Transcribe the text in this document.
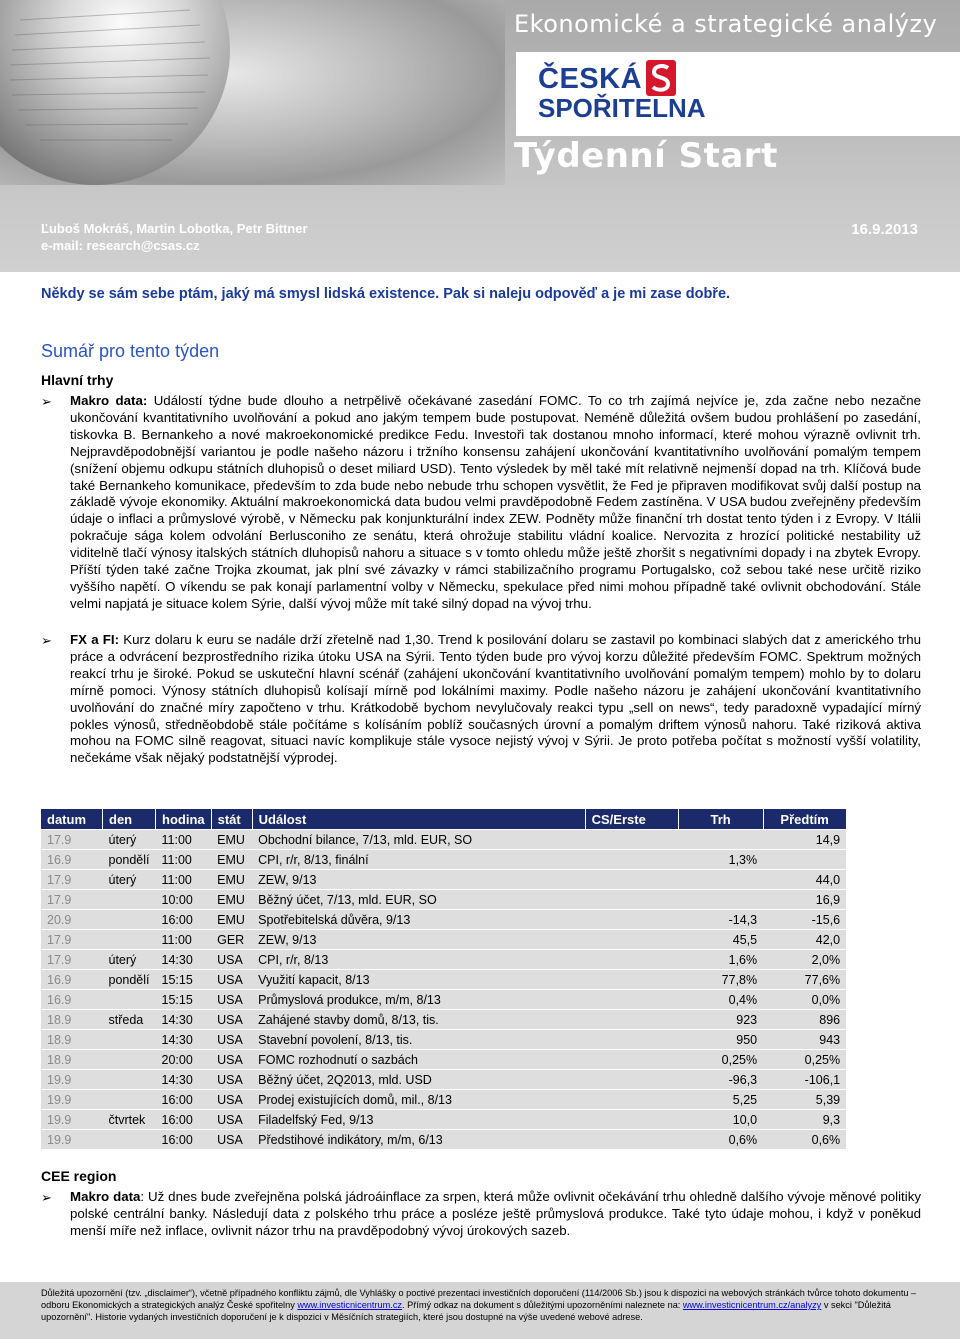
Ekonomické a strategické analýzy
ČESKÁ
SPOŘITELNA
Týdenní Start
Ľuboš Mokráš, Martin Lobotka, Petr Bittner
e-mail: research@csas.cz
16.9.2013
Někdy se sám sebe ptám, jaký má smysl lidská existence. Pak si naleju odpověď a je mi zase dobře.
Sumář pro tento týden
Hlavní trhy
➢	Makro data: Událostí týdne bude dlouho a netrpělivě očekávané zasedání FOMC. To co trh zajímá nejvíce je, zda začne nebo nezačne ukončování kvantitativního uvolňování a pokud ano jakým tempem bude postupovat. Neméně důležitá ovšem budou prohlášení po zasedání, tiskovka B. Bernankeho a nové makroekonomické predikce Fedu. Investoři tak dostanou mnoho informací, které mohou výrazně ovlivnit trh. Nejpravděpodobnější variantou je podle našeho názoru i tržního konsensu zahájení ukončování kvantitativního uvolňování pomalým tempem (snížení objemu odkupu státních dluhopisů o deset miliard USD). Tento výsledek by měl také mít relativně nejmenší dopad na trh. Klíčová bude také Bernankeho komunikace, především to zda bude nebo nebude trhu schopen vysvětlit, že Fed je připraven modifikovat svůj další postup na základě vývoje ekonomiky. Aktuální makroekonomická data budou velmi pravděpodobně Fedem zastíněna. V USA budou zveřejněny především údaje o inflaci a průmyslové výrobě, v Německu pak konjunkturální index ZEW. Podněty může finanční trh dostat tento týden i z Evropy. V Itálii pokračuje sága kolem odvolání Berlusconiho ze senátu, která ohrožuje stabilitu vládní koalice. Nervozita z hrozící politické nestability už viditelně tlačí výnosy italských státních dluhopisů nahoru a situace s v tomto ohledu může ještě zhoršit s negativními dopady i na zbytek Evropy. Příští týden také začne Trojka zkoumat, jak plní své závazky v rámci stabilizačního programu Portugalsko, což sebou také nese určitě riziko vyššího napětí. O víkendu se pak konají parlamentní volby v Německu, spekulace před nimi mohou případně také ovlivnit obchodování. Stále velmi napjatá je situace kolem Sýrie, další vývoj může mít také silný dopad na vývoj trhu.
➢	FX a FI: Kurz dolaru k euru se nadále drží zřetelně nad 1,30. Trend k posilování dolaru se zastavil po kombinaci slabých dat z amerického trhu práce a odvrácení bezprostředního rizika útoku USA na Sýrii. Tento týden bude pro vývoj korzu důležité především FOMC. Spektrum možných reakcí trhu je široké. Pokud se uskuteční hlavní scénář (zahájení ukončování kvantitativního uvolňování pomalým tempem) mohlo by to dolaru mírně pomoci. Výnosy státních dluhopisů kolísají mírně pod lokálními maximy. Podle našeho názoru je zahájení ukončování kvantitativního uvolňování do značné míry započteno v trhu. Krátkodobě bychom nevylučovaly reakci typu „sell on news“, tedy paradoxně vypadající mírný pokles výnosů, středněobdobě stále počítáme s kolísáním poblíž současných úrovní a pomalým driftem výnosů nahoru. Také riziková aktiva mohou na FOMC silně reagovat, situaci navíc komplikuje stále vysoce nejistý vývoj v Sýrii. Je proto potřeba počítat s možností vyšší volatility, nečekáme však nějaký podstatnější výprodej.
datum	den	hodina	stát	Událost	CS/Erste	Trh	Předtím
17.9	úterý	11:00	EMU	Obchodní bilance, 7/13, mld. EUR, SO			14,9
16.9	pondělí	11:00	EMU	CPI, r/r, 8/13, finální		1,3%	
17.9	úterý	11:00	EMU	ZEW, 9/13			44,0
17.9		10:00	EMU	Běžný účet, 7/13, mld. EUR, SO			16,9
20.9		16:00	EMU	Spotřebitelská důvěra, 9/13		-14,3	-15,6
17.9		11:00	GER	ZEW, 9/13		45,5	42,0
17.9	úterý	14:30	USA	CPI, r/r, 8/13		1,6%	2,0%
16.9	pondělí	15:15	USA	Využití kapacit, 8/13		77,8%	77,6%
16.9		15:15	USA	Průmyslová produkce, m/m, 8/13		0,4%	0,0%
18.9	středa	14:30	USA	Zahájené stavby domů, 8/13, tis.		923	896
18.9		14:30	USA	Stavební povolení, 8/13, tis.		950	943
18.9		20:00	USA	FOMC rozhodnutí o sazbách		0,25%	0,25%
19.9		14:30	USA	Běžný účet, 2Q2013, mld. USD		-96,3	-106,1
19.9		16:00	USA	Prodej existujících domů, mil., 8/13		5,25	5,39
19.9	čtvrtek	16:00	USA	Filadelfský Fed, 9/13		10,0	9,3
19.9		16:00	USA	Předstihové indikátory, m/m, 6/13		0,6%	0,6%
CEE region
➢	Makro data: Už dnes bude zveřejněna polská jádroáinflace za srpen, která může ovlivnit očekávání trhu ohledně dalšího vývoje měnové politiky polské centrální banky. Následují data z polského trhu práce a posléze ještě průmyslová produkce. Také tyto údaje mohou, i když v poněkud menší míře než inflace, ovlivnit názor trhu na pravděpodobný vývoj úrokových sazeb.
Důležitá upozornění (tzv. „disclaimer“), včetně případného konfliktu zájmů, dle Vyhlášky o poctivé prezentaci investičních doporučení (114/2006 Sb.) jsou k dispozici na webových stránkách tvůrce tohoto dokumentu – odboru Ekonomických a strategických analýz České spořitelny www.investicnicentrum.cz. Přímý odkaz na dokument s důležitými upozorněními naleznete na: www.investicnicentrum.cz/analyzy v sekci "Důležitá upozornění". Historie vydaných investičních doporučení je k dispozici v Měsíčních strategiích, které jsou dostupné na výše uvedené webové adrese.
